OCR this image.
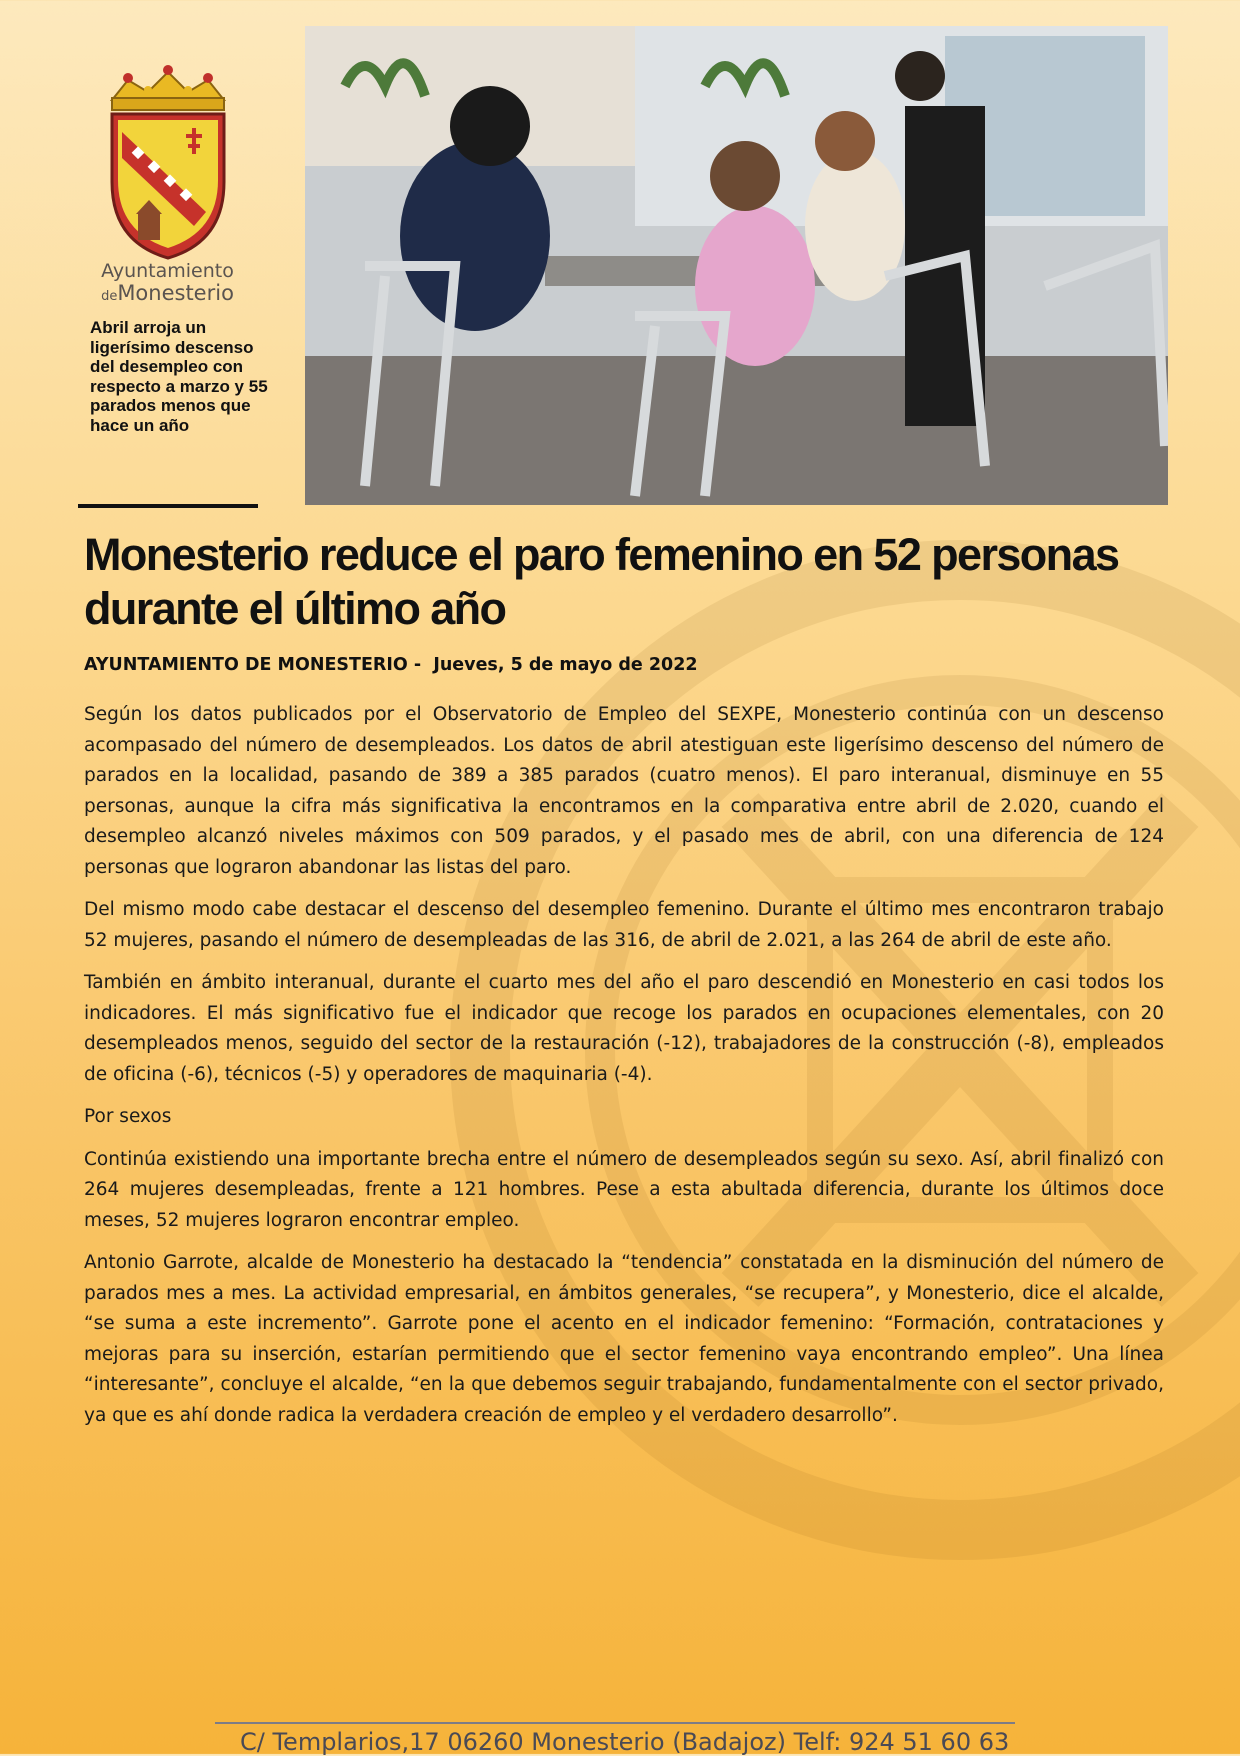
Ayuntamiento
deMonesterio
Abril arroja un ligerísimo descenso del desempleo con respecto a marzo y 55 parados menos que hace un año
Monesterio reduce el paro femenino en 52 personas durante el último año

AYUNTAMIENTO DE MONESTERIO -  Jueves, 5 de mayo de 2022

Según los datos publicados por el Observatorio de Empleo del SEXPE, Monesterio continúa con un descenso acompasado del número de desempleados. Los datos de abril atestiguan este ligerísimo descenso del número de parados en la localidad, pasando de 389 a 385 parados (cuatro menos). El paro interanual, disminuye en 55 personas, aunque la cifra más significativa la encontramos en la comparativa entre abril de 2.020, cuando el desempleo alcanzó niveles máximos con 509 parados, y el pasado mes de abril, con una diferencia de 124 personas que lograron abandonar las listas del paro.

Del mismo modo cabe destacar el descenso del desempleo femenino. Durante el último mes encontraron trabajo 52 mujeres, pasando el número de desempleadas de las 316, de abril de 2.021, a las 264 de abril de este año.

También en ámbito interanual, durante el cuarto mes del año el paro descendió en Monesterio en casi todos los indicadores. El más significativo fue el indicador que recoge los parados en ocupaciones elementales, con 20 desempleados menos, seguido del sector de la restauración (-12), trabajadores de la construcción (-8), empleados de oficina (-6), técnicos (-5) y operadores de maquinaria (-4).

Por sexos

Continúa existiendo una importante brecha entre el número de desempleados según su sexo. Así, abril finalizó con 264 mujeres desempleadas, frente a 121 hombres. Pese a esta abultada diferencia, durante los últimos doce meses, 52 mujeres lograron encontrar empleo.

Antonio Garrote, alcalde de Monesterio ha destacado la “tendencia” constatada en la disminución del número de parados mes a mes. La actividad empresarial, en ámbitos generales, “se recupera”, y Monesterio, dice el alcalde, “se suma a este incremento”. Garrote pone el acento en el indicador femenino: “Formación, contrataciones y mejoras para su inserción, estarían permitiendo que el sector femenino vaya encontrando empleo”. Una línea “interesante”, concluye el alcalde, “en la que debemos seguir trabajando, fundamentalmente con el sector privado, ya que es ahí donde radica la verdadera creación de empleo y el verdadero desarrollo”.

C/ Templarios,17 06260 Monesterio (Badajoz) Telf: 924 51 60 63
